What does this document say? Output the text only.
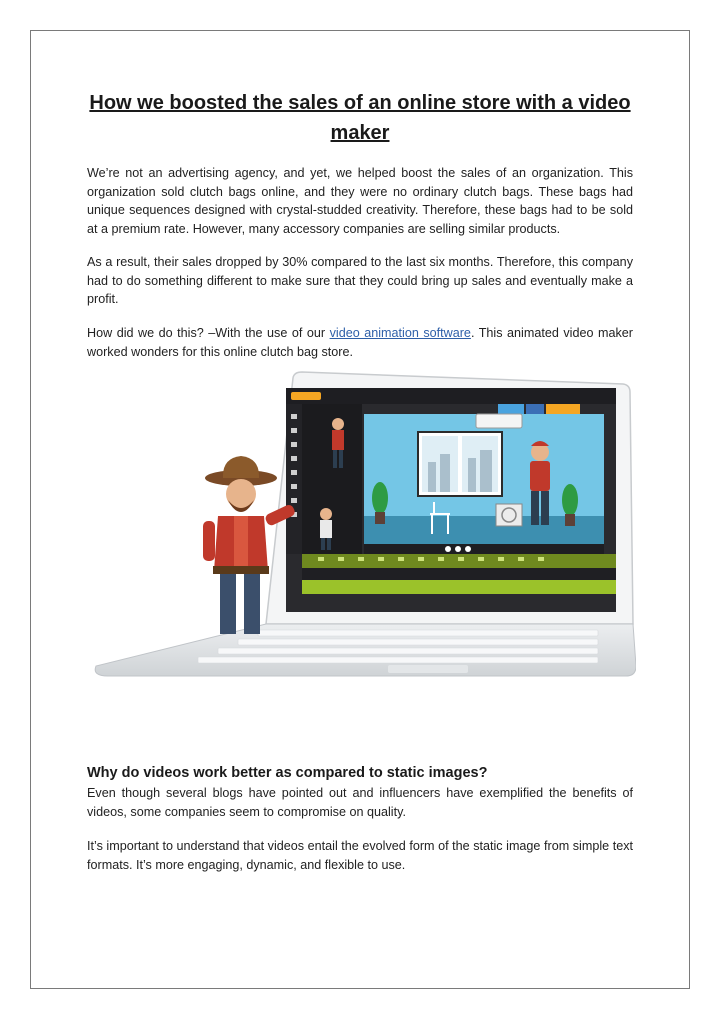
How we boosted the sales of an online store with a video maker

We’re not an advertising agency, and yet, we helped boost the sales of an organization. This organization sold clutch bags online, and they were no ordinary clutch bags. These bags had unique sequences designed with crystal-studded creativity. Therefore, these bags had to be sold at a premium rate. However, many accessory companies are selling similar products.

As a result, their sales dropped by 30% compared to the last six months. Therefore, this company had to do something different to make sure that they could bring up sales and eventually make a profit.

How did we do this? –With the use of our video animation software. This animated video maker worked wonders for this online clutch bag store.

Why do videos work better as compared to static images?

Even though several blogs have pointed out and influencers have exemplified the benefits of videos, some companies seem to compromise on quality.

It’s important to understand that videos entail the evolved form of the static image from simple text formats. It’s more engaging, dynamic, and flexible to use.
